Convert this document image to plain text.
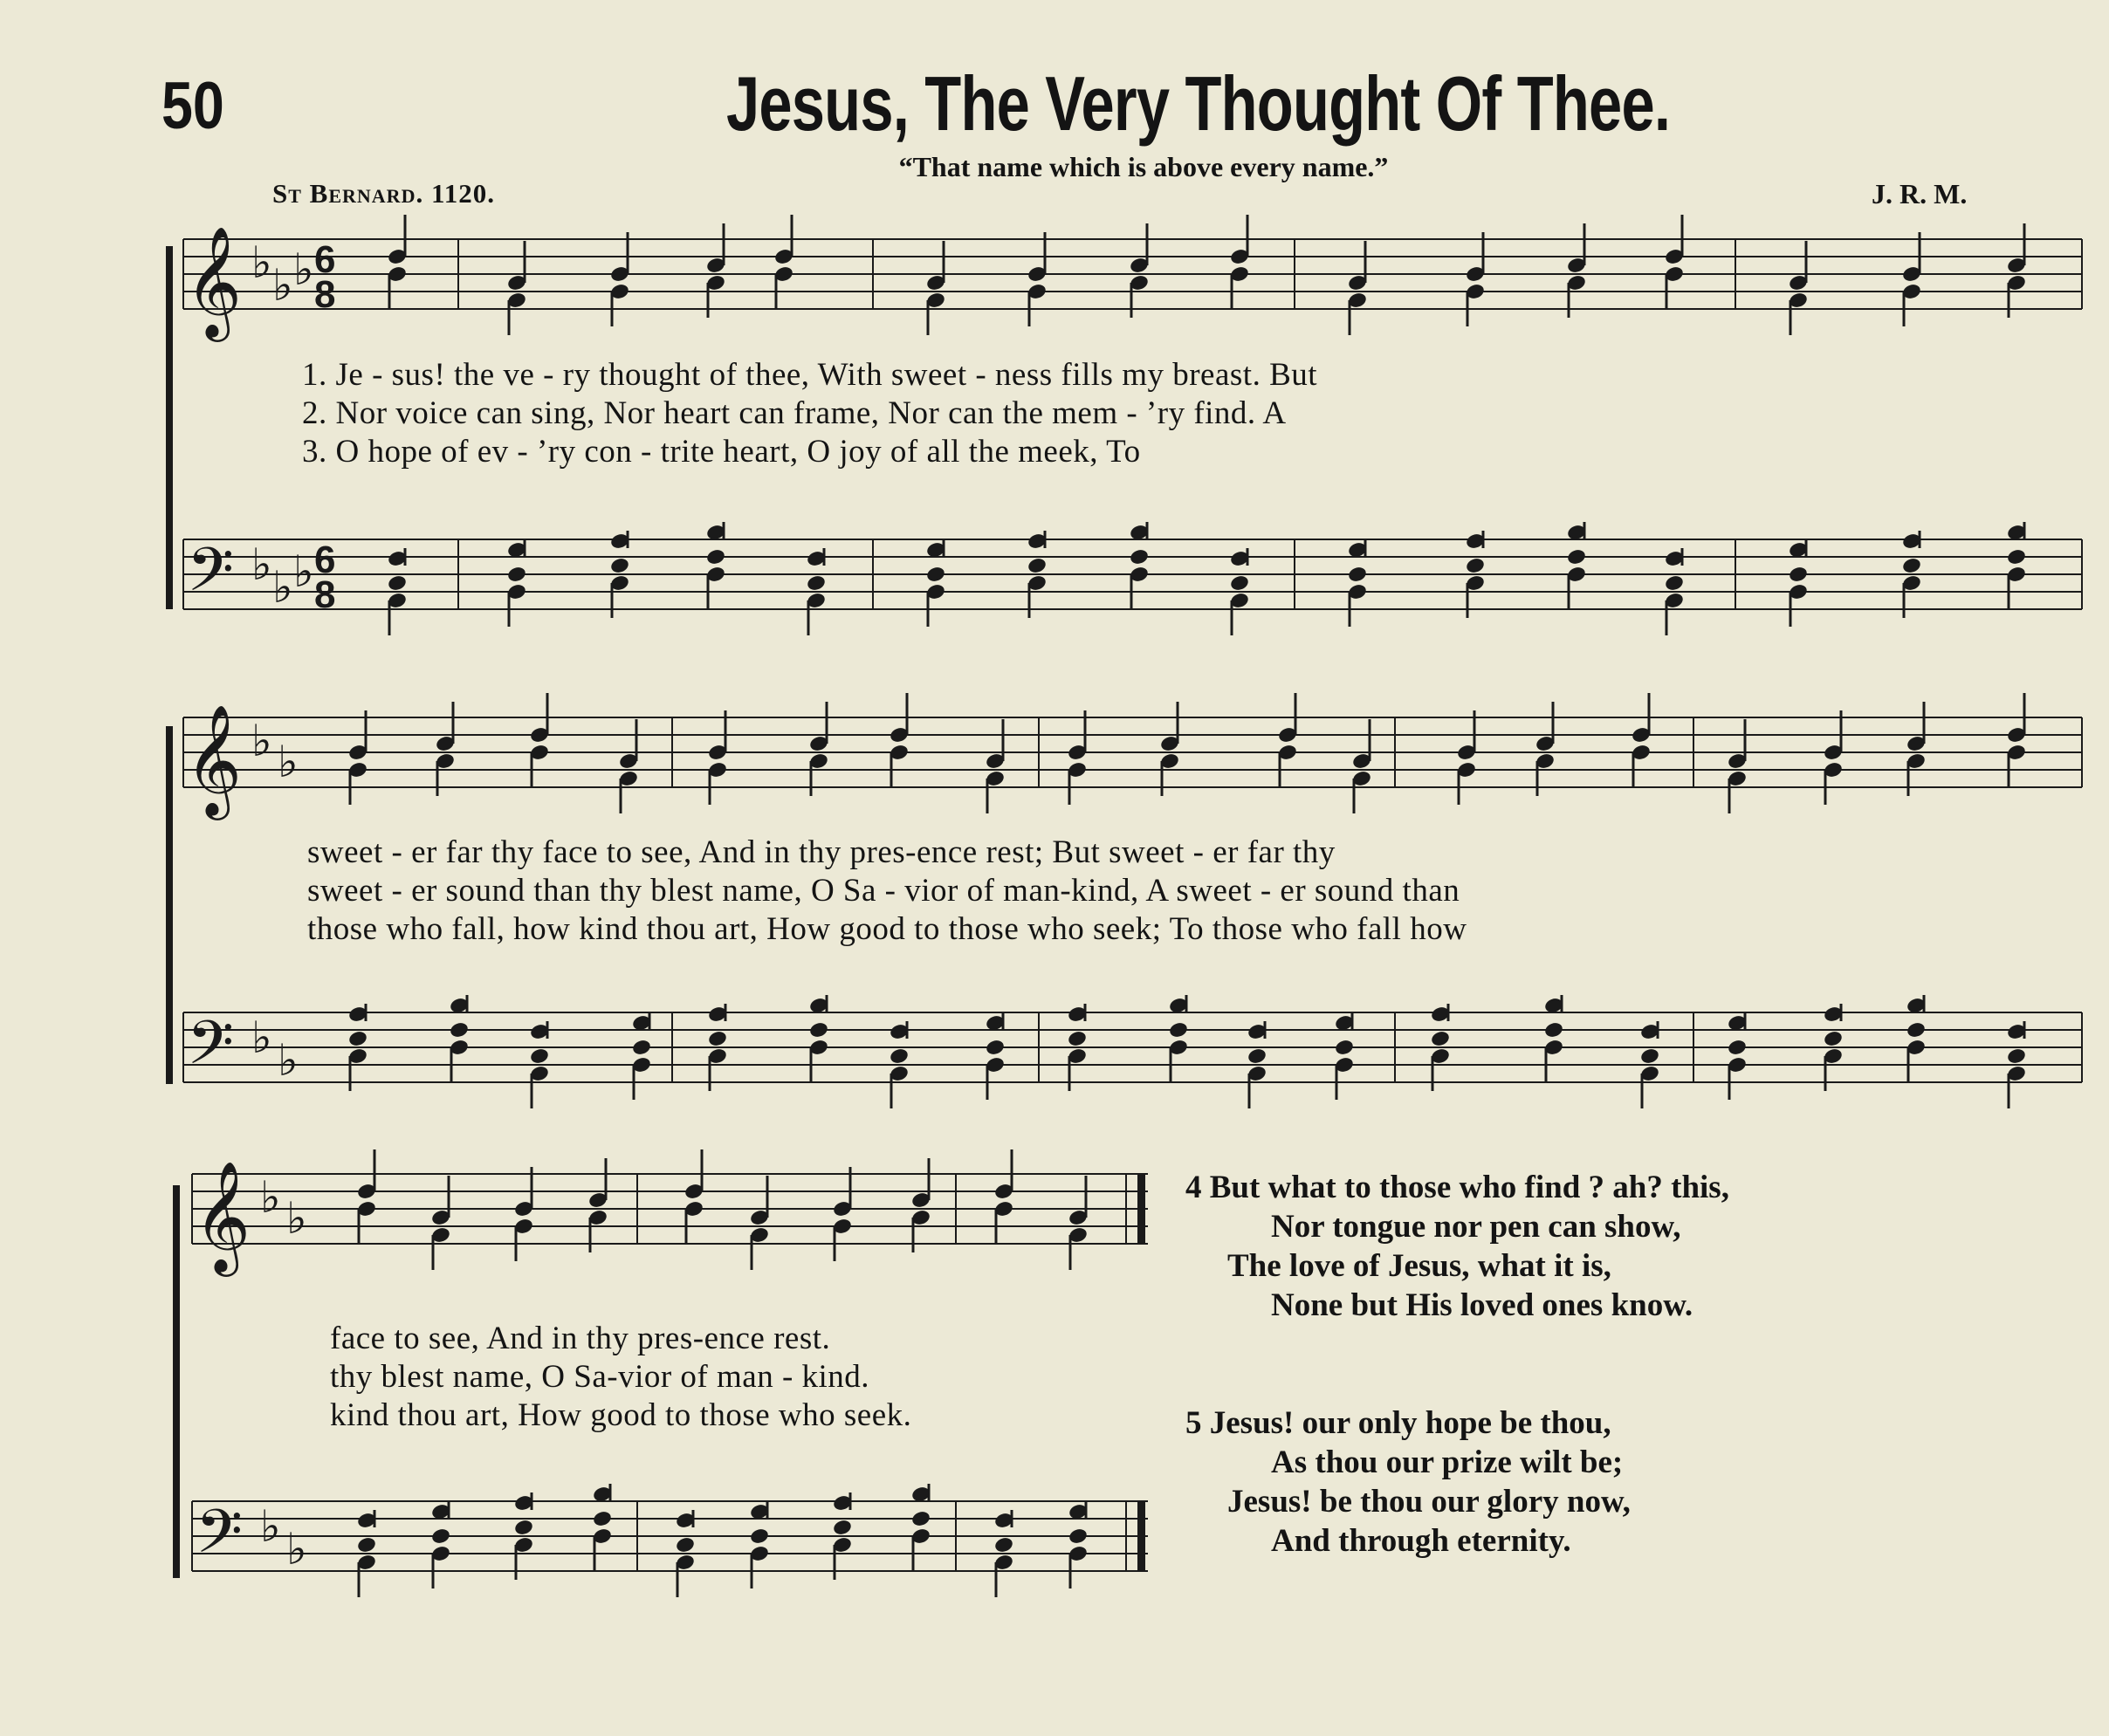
50	Jesus, The Very Thought Of Thee.
“That name which is above every name.”
St Bernard. 1120.	J. R. M.
𝄞
𝄢
𝄞
𝄢
𝄞
𝄢
♭ ♭ ♭
♭ ♭ ♭
♭ ♭
♭ ♭
♭ ♭
♭ ♭
6
8
6
8
1. Je - sus! the ve - ry thought of thee, With sweet - ness fills my breast. But
2. Nor voice can sing, Nor heart can frame, Nor can the mem - ’ry find. A
3. O hope of ev - ’ry con - trite heart, O joy of all the meek, To
sweet - er far thy face to see, And in thy pres-ence rest; But sweet - er far thy
sweet - er sound than thy blest name, O Sa - vior of man-kind, A sweet - er sound than
those who fall, how kind thou art, How good to those who seek; To those who fall how
face to see, And in thy pres-ence rest.
thy blest name, O Sa-vior of man - kind.
kind thou art, How good to those who seek.
4 But what to those who find ? ah? this,
Nor tongue nor pen can show,
The love of Jesus, what it is,
None but His loved ones know.
5 Jesus! our only hope be thou,
As thou our prize wilt be;
Jesus! be thou our glory now,
And through eternity.
